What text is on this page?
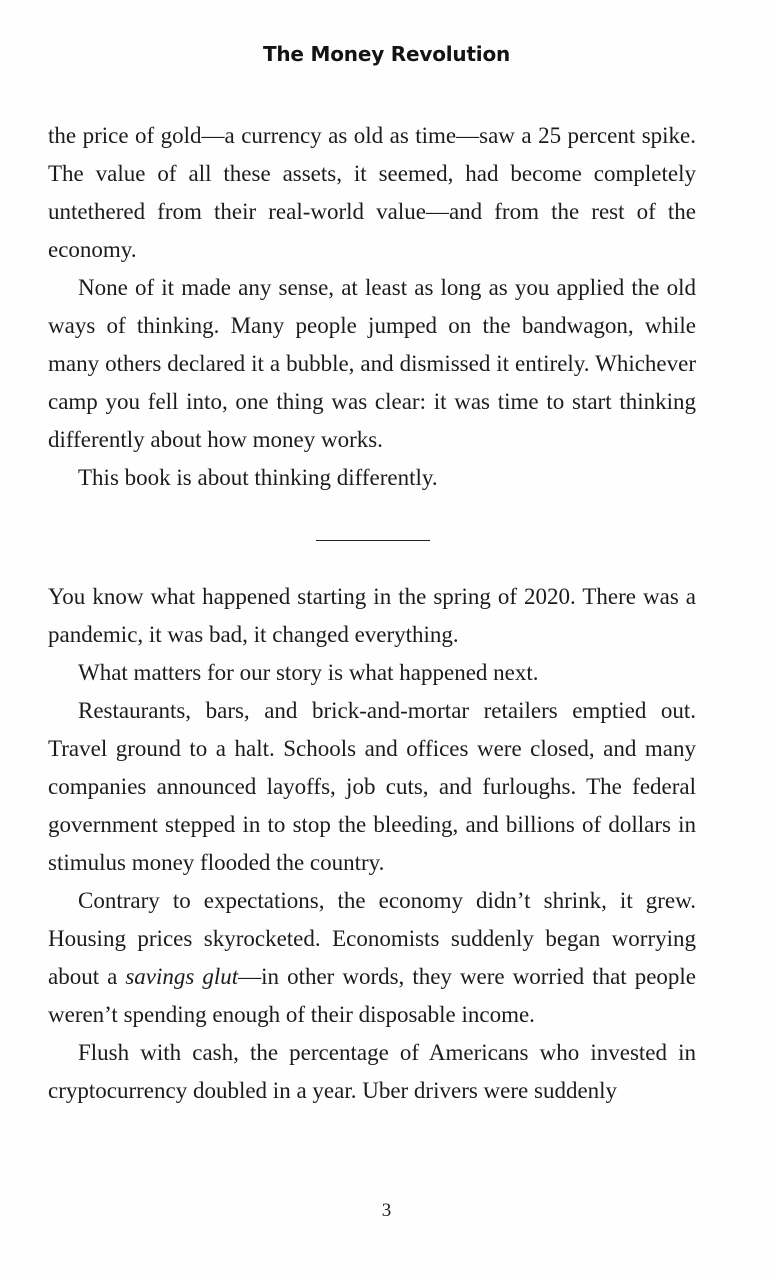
The Money Revolution

the price of gold—a currency as old as time—saw a 25 percent spike. The value of all these assets, it seemed, had become completely untethered from their real-world value—and from the rest of the economy.

None of it made any sense, at least as long as you applied the old ways of thinking. Many people jumped on the bandwagon, while many others declared it a bubble, and dismissed it entirely. Whichever camp you fell into, one thing was clear: it was time to start thinking differently about how money works.

This book is about thinking differently.

You know what happened starting in the spring of 2020. There was a pandemic, it was bad, it changed everything.

What matters for our story is what happened next.

Restaurants, bars, and brick-and-mortar retailers emptied out. Travel ground to a halt. Schools and offices were closed, and many companies announced layoffs, job cuts, and furloughs. The federal government stepped in to stop the bleeding, and billions of dollars in stimulus money flooded the country.

Contrary to expectations, the economy didn’t shrink, it grew. Housing prices skyrocketed. Economists suddenly began worrying about a savings glut—in other words, they were worried that people weren’t spending enough of their disposable income.

Flush with cash, the percentage of Americans who invested in cryptocurrency doubled in a year. Uber drivers were suddenly

3
